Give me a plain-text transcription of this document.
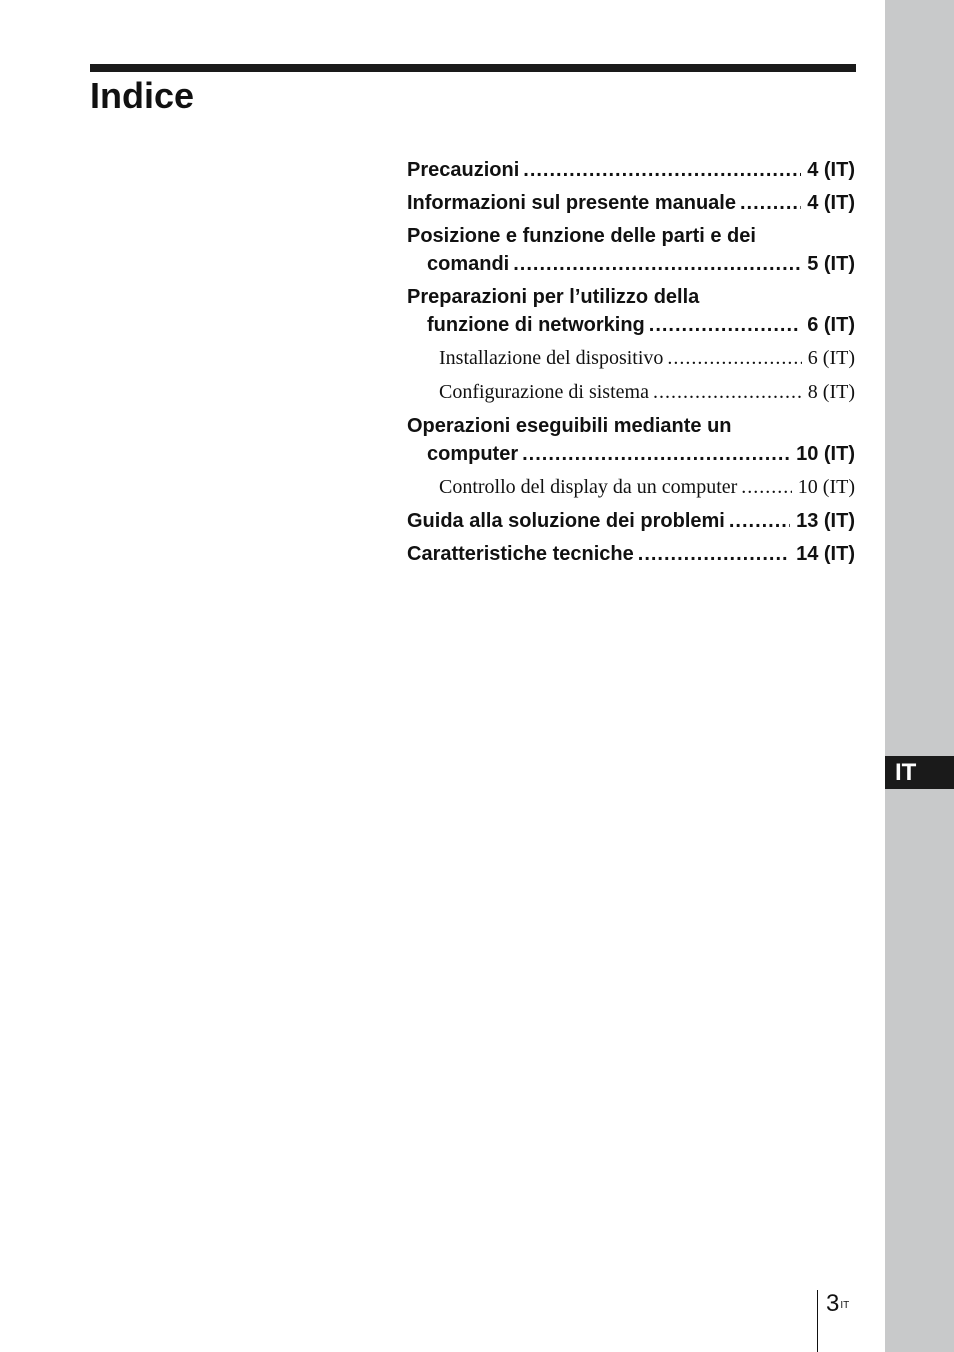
IT
Indice
Precauzioni .....	4 (IT)
Informazioni sul presente manuale .....	4 (IT)
Posizione e funzione delle parti e dei
comandi .....	5 (IT)
Preparazioni per l’utilizzo della
funzione di networking .....	6 (IT)
Installazione del dispositivo .....	6 (IT)
Configurazione di sistema .....	8 (IT)
Operazioni eseguibili mediante un
computer .....	10 (IT)
Controllo del display da un computer .....	10 (IT)
Guida alla soluzione dei problemi .....	13 (IT)
Caratteristiche tecniche .....	14 (IT)
$3^{IT}$
